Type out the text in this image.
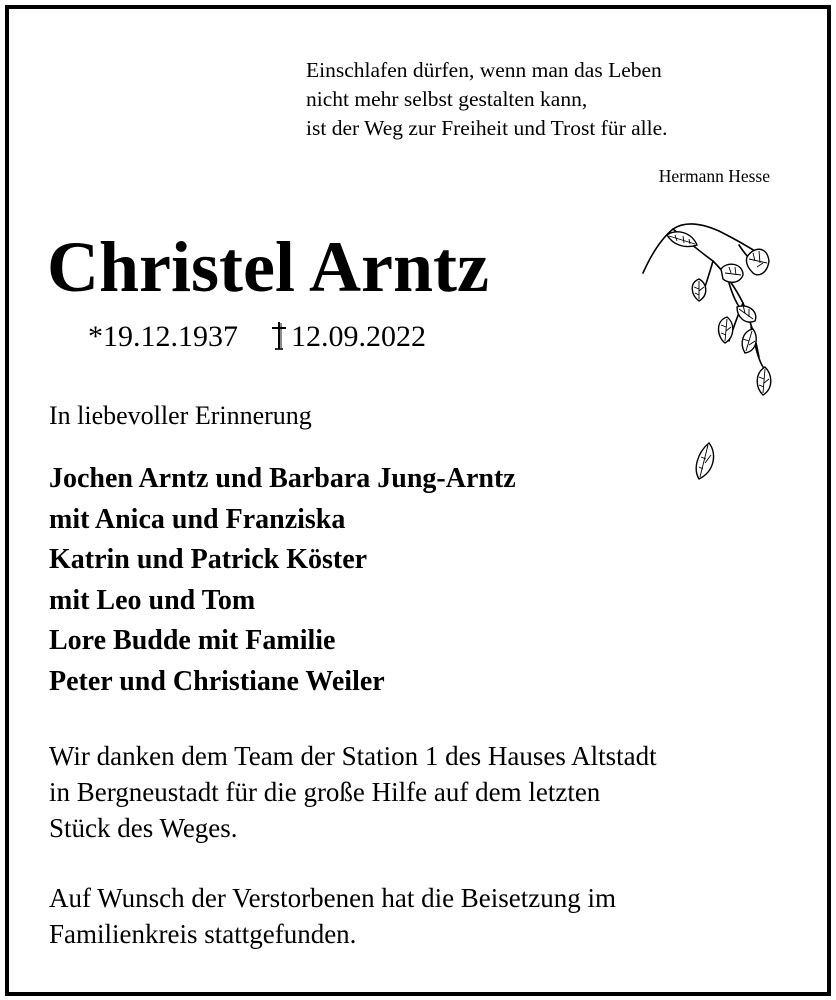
Einschlafen dürfen, wenn man das Leben
nicht mehr selbst gestalten kann,
ist der Weg zur Freiheit und Trost für alle.
Hermann Hesse
Christel Arntz
*19.12.1937 12.09.2022
In liebevoller Erinnerung
Jochen Arntz und Barbara Jung-Arntz
mit Anica und Franziska
Katrin und Patrick Köster
mit Leo und Tom
Lore Budde mit Familie
Peter und Christiane Weiler
Wir danken dem Team der Station 1 des Hauses Altstadt
in Bergneustadt für die große Hilfe auf dem letzten
Stück des Weges.
Auf Wunsch der Verstorbenen hat die Beisetzung im
Familienkreis stattgefunden.
